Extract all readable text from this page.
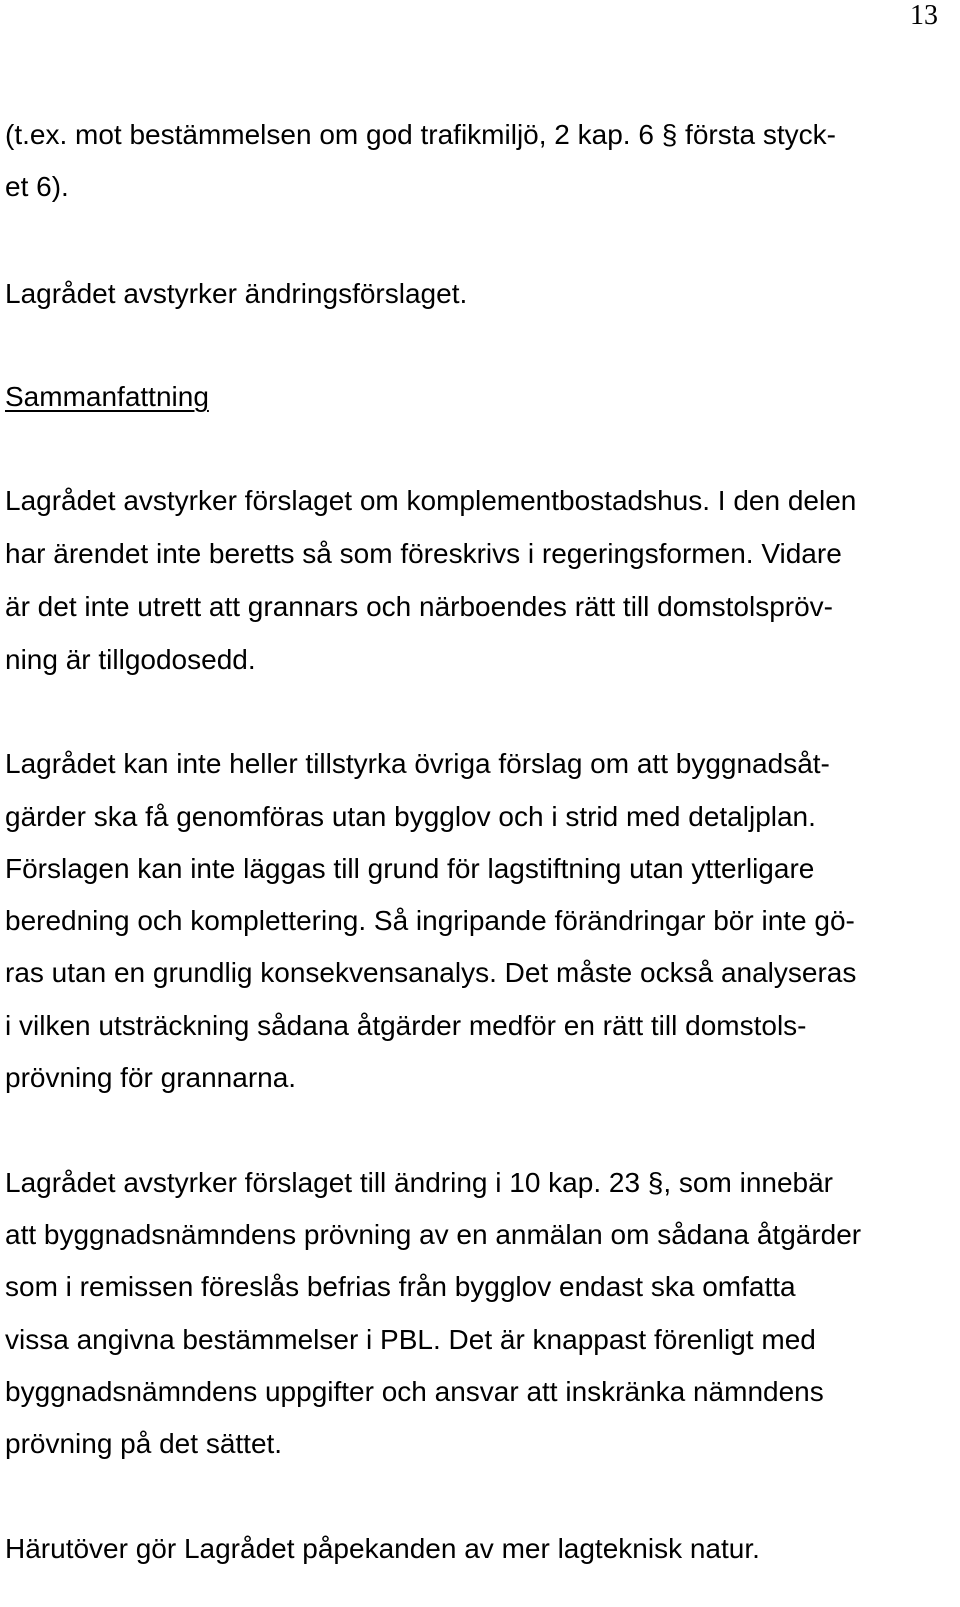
13
(t.ex. mot bestämmelsen om god trafikmiljö, 2 kap. 6 § första styck-
et 6).
Lagrådet avstyrker ändringsförslaget.
Sammanfattning
Lagrådet avstyrker förslaget om komplementbostadshus. I den delen
har ärendet inte beretts så som föreskrivs i regeringsformen. Vidare
är det inte utrett att grannars och närboendes rätt till domstolspröv-
ning är tillgodosedd.
Lagrådet kan inte heller tillstyrka övriga förslag om att byggnadsåt-
gärder ska få genomföras utan bygglov och i strid med detaljplan.
Förslagen kan inte läggas till grund för lagstiftning utan ytterligare
beredning och komplettering. Så ingripande förändringar bör inte gö-
ras utan en grundlig konsekvensanalys. Det måste också analyseras
i vilken utsträckning sådana åtgärder medför en rätt till domstols-
prövning för grannarna.
Lagrådet avstyrker förslaget till ändring i 10 kap. 23 §, som innebär
att byggnadsnämndens prövning av en anmälan om sådana åtgärder
som i remissen föreslås befrias från bygglov endast ska omfatta
vissa angivna bestämmelser i PBL. Det är knappast förenligt med
byggnadsnämndens uppgifter och ansvar att inskränka nämndens
prövning på det sättet.
Härutöver gör Lagrådet påpekanden av mer lagteknisk natur.
